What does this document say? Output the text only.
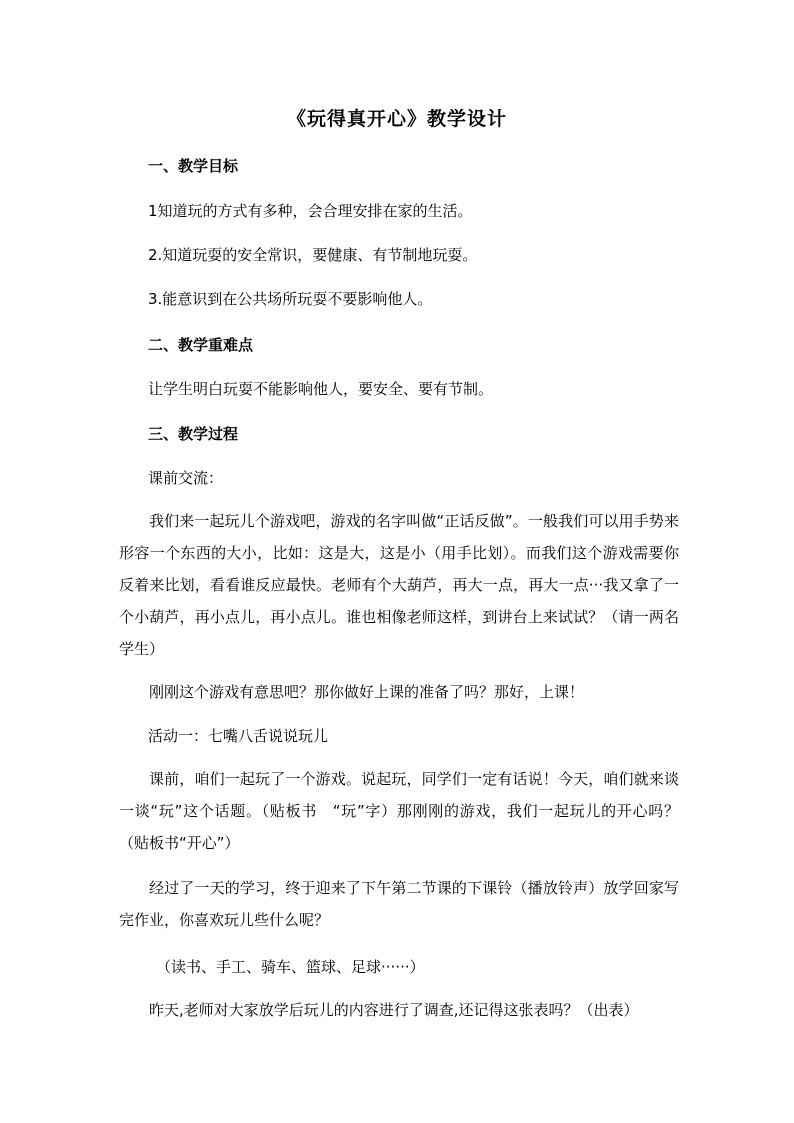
《玩得真开心》教学设计
一、教学目标
1知道玩的方式有多种，会合理安排在家的生活。
2.知道玩耍的安全常识，要健康、有节制地玩耍。
3.能意识到在公共场所玩耍不要影响他人。
二、教学重难点
让学生明白玩耍不能影响他人，要安全、要有节制。
三、教学过程
课前交流：
我们来一起玩儿个游戏吧，游戏的名字叫做“正话反做”。一般我们可以用手势来形容一个东西的大小，比如：这是大，这是小（用手比划）。而我们这个游戏需要你反着来比划，看看谁反应最快。老师有个大葫芦，再大一点，再大一点···我又拿了一个小葫芦，再小点儿，再小点儿。谁也相像老师这样，到讲台上来试试？（请一两名学生）
刚刚这个游戏有意思吧？那你做好上课的准备了吗？那好，上课！
活动一：七嘴八舌说说玩儿
课前，咱们一起玩了一个游戏。说起玩，同学们一定有话说！今天，咱们就来谈一谈“玩”这个话题。（贴板书　“玩”字）那刚刚的游戏，我们一起玩儿的开心吗？（贴板书“开心”）
经过了一天的学习，终于迎来了下午第二节课的下课铃（播放铃声）放学回家写完作业，你喜欢玩儿些什么呢？
（读书、手工、骑车、篮球、足球······）
昨天,老师对大家放学后玩儿的内容进行了调查,还记得这张表吗？（出表）
